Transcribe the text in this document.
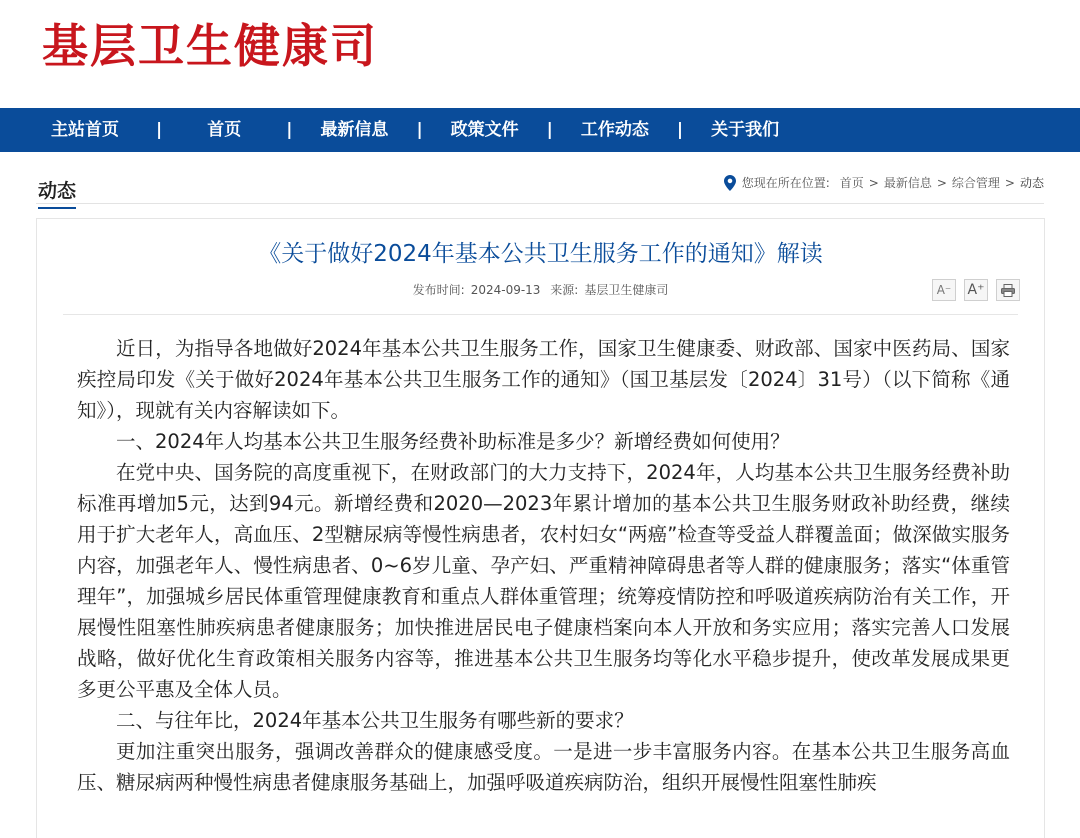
基层卫生健康司
主站首页	|	首页	| 最新信息 | 政策文件 | 工作动态 | 关于我们
动态	您现在所在位置: 首页 > 最新信息 > 综合管理 > 动态
《关于做好2024年基本公共卫生服务工作的通知》解读
发布时间: 2024-09-13 来源: 基层卫生健康司	A⁻	A⁺

近日，为指导各地做好2024年基本公共卫生服务工作，国家卫生健康委、财政部、国家中医药局、国家疾控局印发《关于做好2024年基本公共卫生服务工作的通知》（国卫基层发〔2024〕31号）（以下简称《通知》），现就有关内容解读如下。

一、2024年人均基本公共卫生服务经费补助标准是多少？新增经费如何使用？

在党中央、国务院的高度重视下，在财政部门的大力支持下，2024年，人均基本公共卫生服务经费补助标准再增加5元，达到94元。新增经费和2020—2023年累计增加的基本公共卫生服务财政补助经费，继续用于扩大老年人，高血压、2型糖尿病等慢性病患者，农村妇女“两癌”检查等受益人群覆盖面；做深做实服务内容，加强老年人、慢性病患者、0~6岁儿童、孕产妇、严重精神障碍患者等人群的健康服务；落实“体重管理年”，加强城乡居民体重管理健康教育和重点人群体重管理；统筹疫情防控和呼吸道疾病防治有关工作，开展慢性阻塞性肺疾病患者健康服务；加快推进居民电子健康档案向本人开放和务实应用；落实完善人口发展战略，做好优化生育政策相关服务内容等，推进基本公共卫生服务均等化水平稳步提升，使改革发展成果更多更公平惠及全体人员。

二、与往年比，2024年基本公共卫生服务有哪些新的要求？

更加注重突出服务，强调改善群众的健康感受度。一是进一步丰富服务内容。在基本公共卫生服务高血压、糖尿病两种慢性病患者健康服务基础上，加强呼吸道疾病防治，组织开展慢性阻塞性肺疾
